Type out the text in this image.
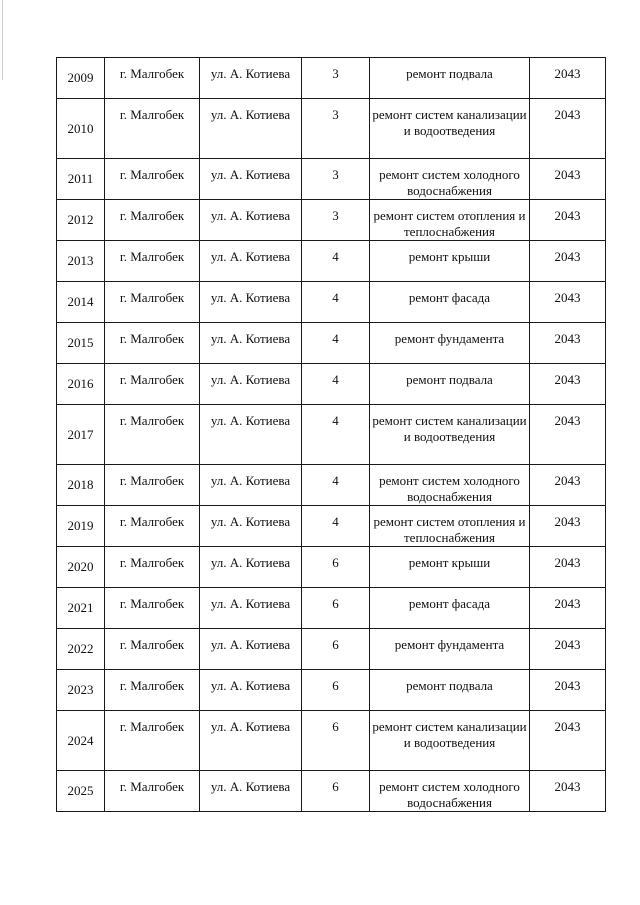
2009	г. Малгобек	ул. А. Котиева	3	ремонт подвала	2043

2010	г. Малгобек	ул. А. Котиева	3	ремонт систем канализации и водоотведения	2043

2011	г. Малгобек	ул. А. Котиева	3	ремонт систем холодного водоснабжения	2043

2012	г. Малгобек	ул. А. Котиева	3	ремонт систем отопления и теплоснабжения	2043

2013	г. Малгобек	ул. А. Котиева	4	ремонт крыши	2043

2014	г. Малгобек	ул. А. Котиева	4	ремонт фасада	2043

2015	г. Малгобек	ул. А. Котиева	4	ремонт фундамента	2043

2016	г. Малгобек	ул. А. Котиева	4	ремонт подвала	2043

2017	г. Малгобек	ул. А. Котиева	4	ремонт систем канализации и водоотведения	2043

2018	г. Малгобек	ул. А. Котиева	4	ремонт систем холодного водоснабжения	2043

2019	г. Малгобек	ул. А. Котиева	4	ремонт систем отопления и теплоснабжения	2043

2020	г. Малгобек	ул. А. Котиева	6	ремонт крыши	2043

2021	г. Малгобек	ул. А. Котиева	6	ремонт фасада	2043

2022	г. Малгобек	ул. А. Котиева	6	ремонт фундамента	2043

2023	г. Малгобек	ул. А. Котиева	6	ремонт подвала	2043

2024	г. Малгобек	ул. А. Котиева	6	ремонт систем канализации и водоотведения	2043

2025	г. Малгобек	ул. А. Котиева	6	ремонт систем холодного водоснабжения	2043
